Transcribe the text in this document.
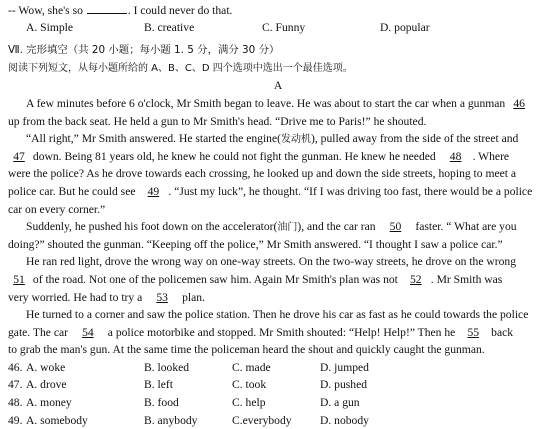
-- Wow, she's so	. I could never do that.
A. Simple	B. creative	C. Funny	D. popular
Ⅶ. 完形填空（共 20 小题；每小题 1. 5 分，满分 30 分）
阅读下列短文，从每小题所给的 A、B、C、D 四个选项中选出一个最佳选项。
A
A few minutes before 6 o'clock, Mr Smith began to leave. He was about to start the car when a gunman 46
up from the back seat. He held a gun to Mr Smith's head. “Drive me to Paris!” he shouted.
“All right,” Mr Smith answered. He started the engine(发动机), pulled away from the side of the street and
47 down. Being 81 years old, he knew he could not fight the gunman. He knew he needed 48 . Where
were the police? As he drove towards each crossing, he looked up and down the side streets, hoping to meet a
police car. But he could see 49 . “Just my luck”, he thought. “If I was driving too fast, there would be a police
car on every corner.”
Suddenly, he pushed his foot down on the accelerator(油门), and the car ran 50 faster. “ What are you
doing?” shouted the gunman. “Keeping off the police,” Mr Smith answered. “I thought I saw a police car.”
He ran red light, drove the wrong way on one-way streets. On the two-way streets, he drove on the wrong
51 of the road. Not one of the policemen saw him. Again Mr Smith's plan was not 52 . Mr Smith was
very worried. He had to try a 53 plan.
He turned to a corner and saw the police station. Then he drove his car as fast as he could towards the police
gate. The car 54 a police motorbike and stopped. Mr Smith shouted: “Help! Help!” Then he 55 back
to grab the man's gun. At the same time the policeman heard the shout and quickly caught the gunman.
46. A. woke	B. looked	C. made	D. jumped
47. A. drove	B. left	C. took	D. pushed
48. A. money	B. food	C. help	D. a gun
49. A. somebody	B. anybody	C.everybody D. nobody
